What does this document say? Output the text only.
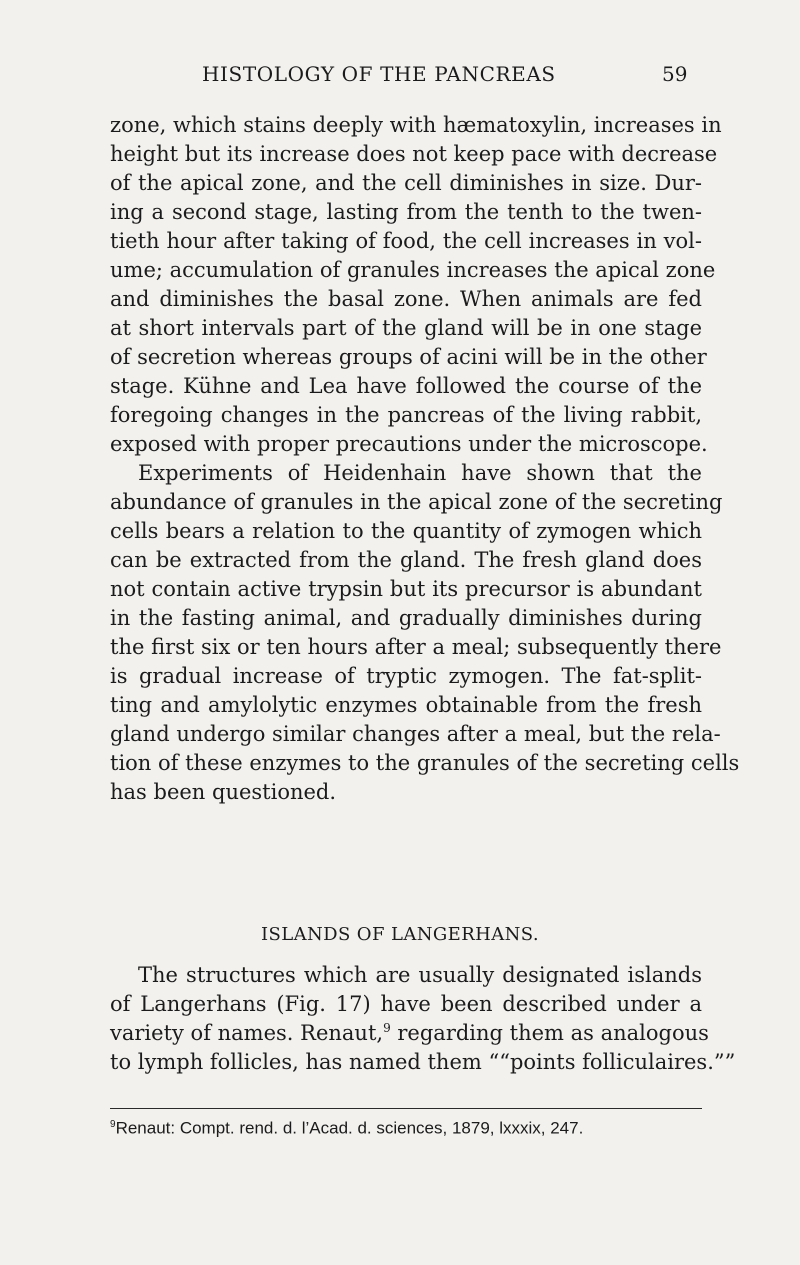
HISTOLOGY OF THE PANCREAS	59
zone, which stains deeply with hæmatoxylin, increases in
height but its increase does not keep pace with decrease
of the apical zone, and the cell diminishes in size. Dur-
ing a second stage, lasting from the tenth to the twen-
tieth hour after taking of food, the cell increases in vol-
ume; accumulation of granules increases the apical zone
and diminishes the basal zone. When animals are fed
at short intervals part of the gland will be in one stage
of secretion whereas groups of acini will be in the other
stage. Kühne and Lea have followed the course of the
foregoing changes in the pancreas of the living rabbit,
exposed with proper precautions under the microscope.
Experiments of Heidenhain have shown that the
abundance of granules in the apical zone of the secreting
cells bears a relation to the quantity of zymogen which
can be extracted from the gland. The fresh gland does
not contain active trypsin but its precursor is abundant
in the fasting animal, and gradually diminishes during
the first six or ten hours after a meal; subsequently there
is gradual increase of tryptic zymogen. The fat-split-
ting and amylolytic enzymes obtainable from the fresh
gland undergo similar changes after a meal, but the rela-
tion of these enzymes to the granules of the secreting cells
has been questioned.
ISLANDS OF LANGERHANS.
The structures which are usually designated islands
of Langerhans (Fig. 17) have been described under a
variety of names. Renaut,$^9$ regarding them as analogous
to lymph follicles, has named them ““points folliculaires.””
$^9$Renaut: Compt. rend. d. l’Acad. d. sciences, 1879, lxxxix, 247.
